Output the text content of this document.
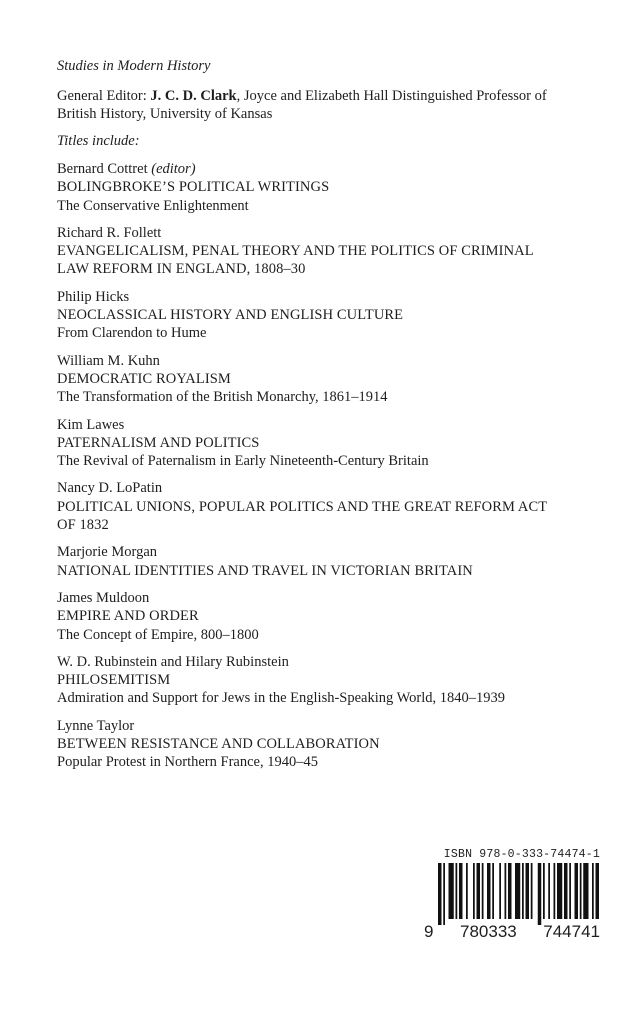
Studies in Modern History
General Editor: J. C. D. Clark, Joyce and Elizabeth Hall Distinguished Professor of
British History, University of Kansas
Titles include:
Bernard Cottret (editor)
BOLINGBROKE’S POLITICAL WRITINGS
The Conservative Enlightenment
Richard R. Follett
EVANGELICALISM, PENAL THEORY AND THE POLITICS OF CRIMINAL
LAW REFORM IN ENGLAND, 1808–30
Philip Hicks
NEOCLASSICAL HISTORY AND ENGLISH CULTURE
From Clarendon to Hume
William M. Kuhn
DEMOCRATIC ROYALISM
The Transformation of the British Monarchy, 1861–1914
Kim Lawes
PATERNALISM AND POLITICS
The Revival of Paternalism in Early Nineteenth-Century Britain
Nancy D. LoPatin
POLITICAL UNIONS, POPULAR POLITICS AND THE GREAT REFORM ACT
OF 1832
Marjorie Morgan
NATIONAL IDENTITIES AND TRAVEL IN VICTORIAN BRITAIN
James Muldoon
EMPIRE AND ORDER
The Concept of Empire, 800–1800
W. D. Rubinstein and Hilary Rubinstein
PHILOSEMITISM
Admiration and Support for Jews in the English-Speaking World, 1840–1939
Lynne Taylor
BETWEEN RESISTANCE AND COLLABORATION
Popular Protest in Northern France, 1940–45
ISBN 978-0-333-74474-1
9 780333 744741
